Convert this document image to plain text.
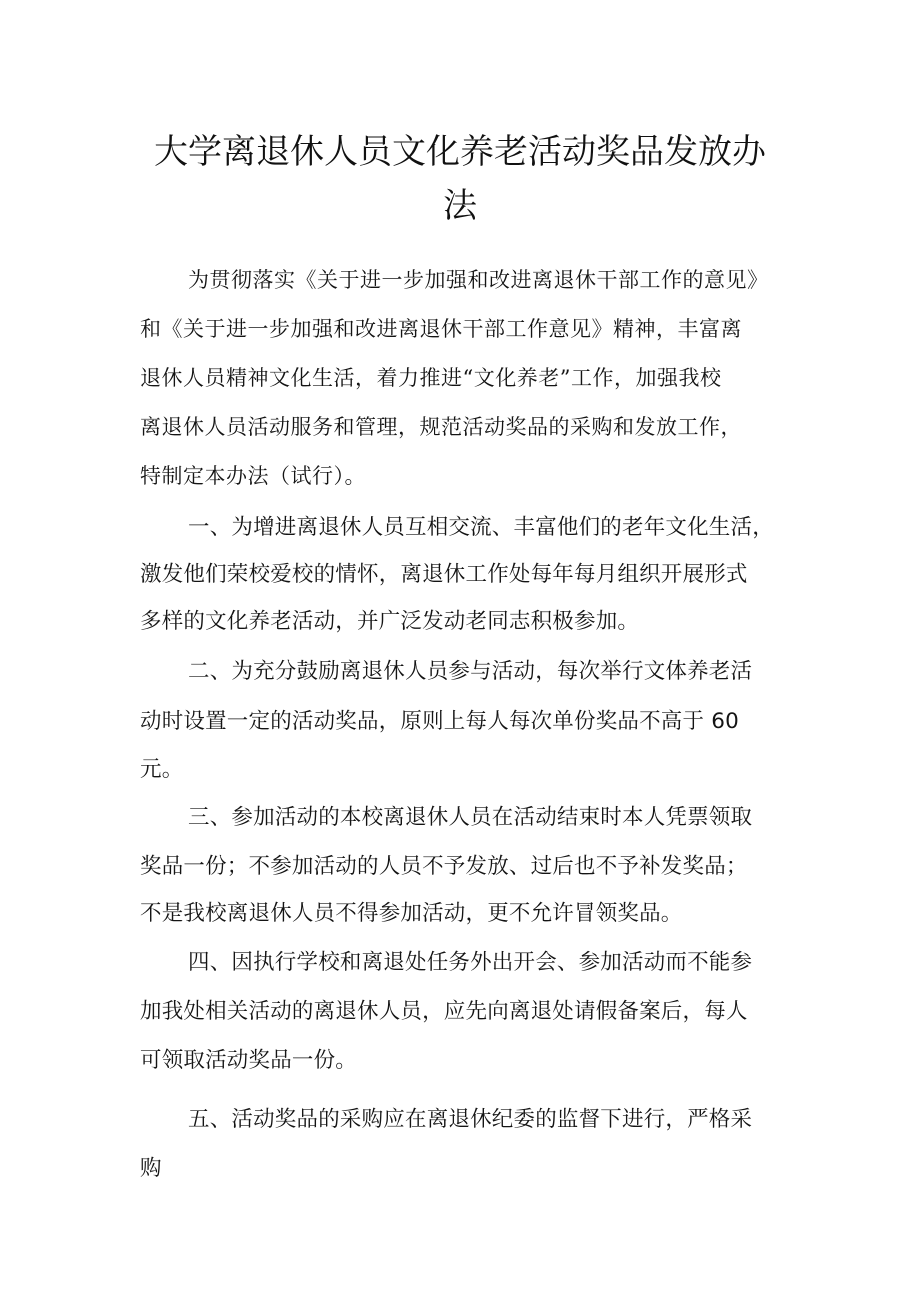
大学离退休人员文化养老活动奖品发放办
法
为贯彻落实《关于进一步加强和改进离退休干部工作的意见》
和《关于进一步加强和改进离退休干部工作意见》精神，丰富离
退休人员精神文化生活，着力推进“文化养老”工作，加强我校
离退休人员活动服务和管理，规范活动奖品的采购和发放工作，
特制定本办法（试行）。
一、为增进离退休人员互相交流、丰富他们的老年文化生活，
激发他们荣校爱校的情怀，离退休工作处每年每月组织开展形式
多样的文化养老活动，并广泛发动老同志积极参加。
二、为充分鼓励离退休人员参与活动，每次举行文体养老活
动时设置一定的活动奖品，原则上每人每次单份奖品不高于 60
元。
三、参加活动的本校离退休人员在活动结束时本人凭票领取
奖品一份；不参加活动的人员不予发放、过后也不予补发奖品；
不是我校离退休人员不得参加活动，更不允许冒领奖品。
四、因执行学校和离退处任务外出开会、参加活动而不能参
加我处相关活动的离退休人员，应先向离退处请假备案后，每人
可领取活动奖品一份。
五、活动奖品的采购应在离退休纪委的监督下进行，严格采
购
